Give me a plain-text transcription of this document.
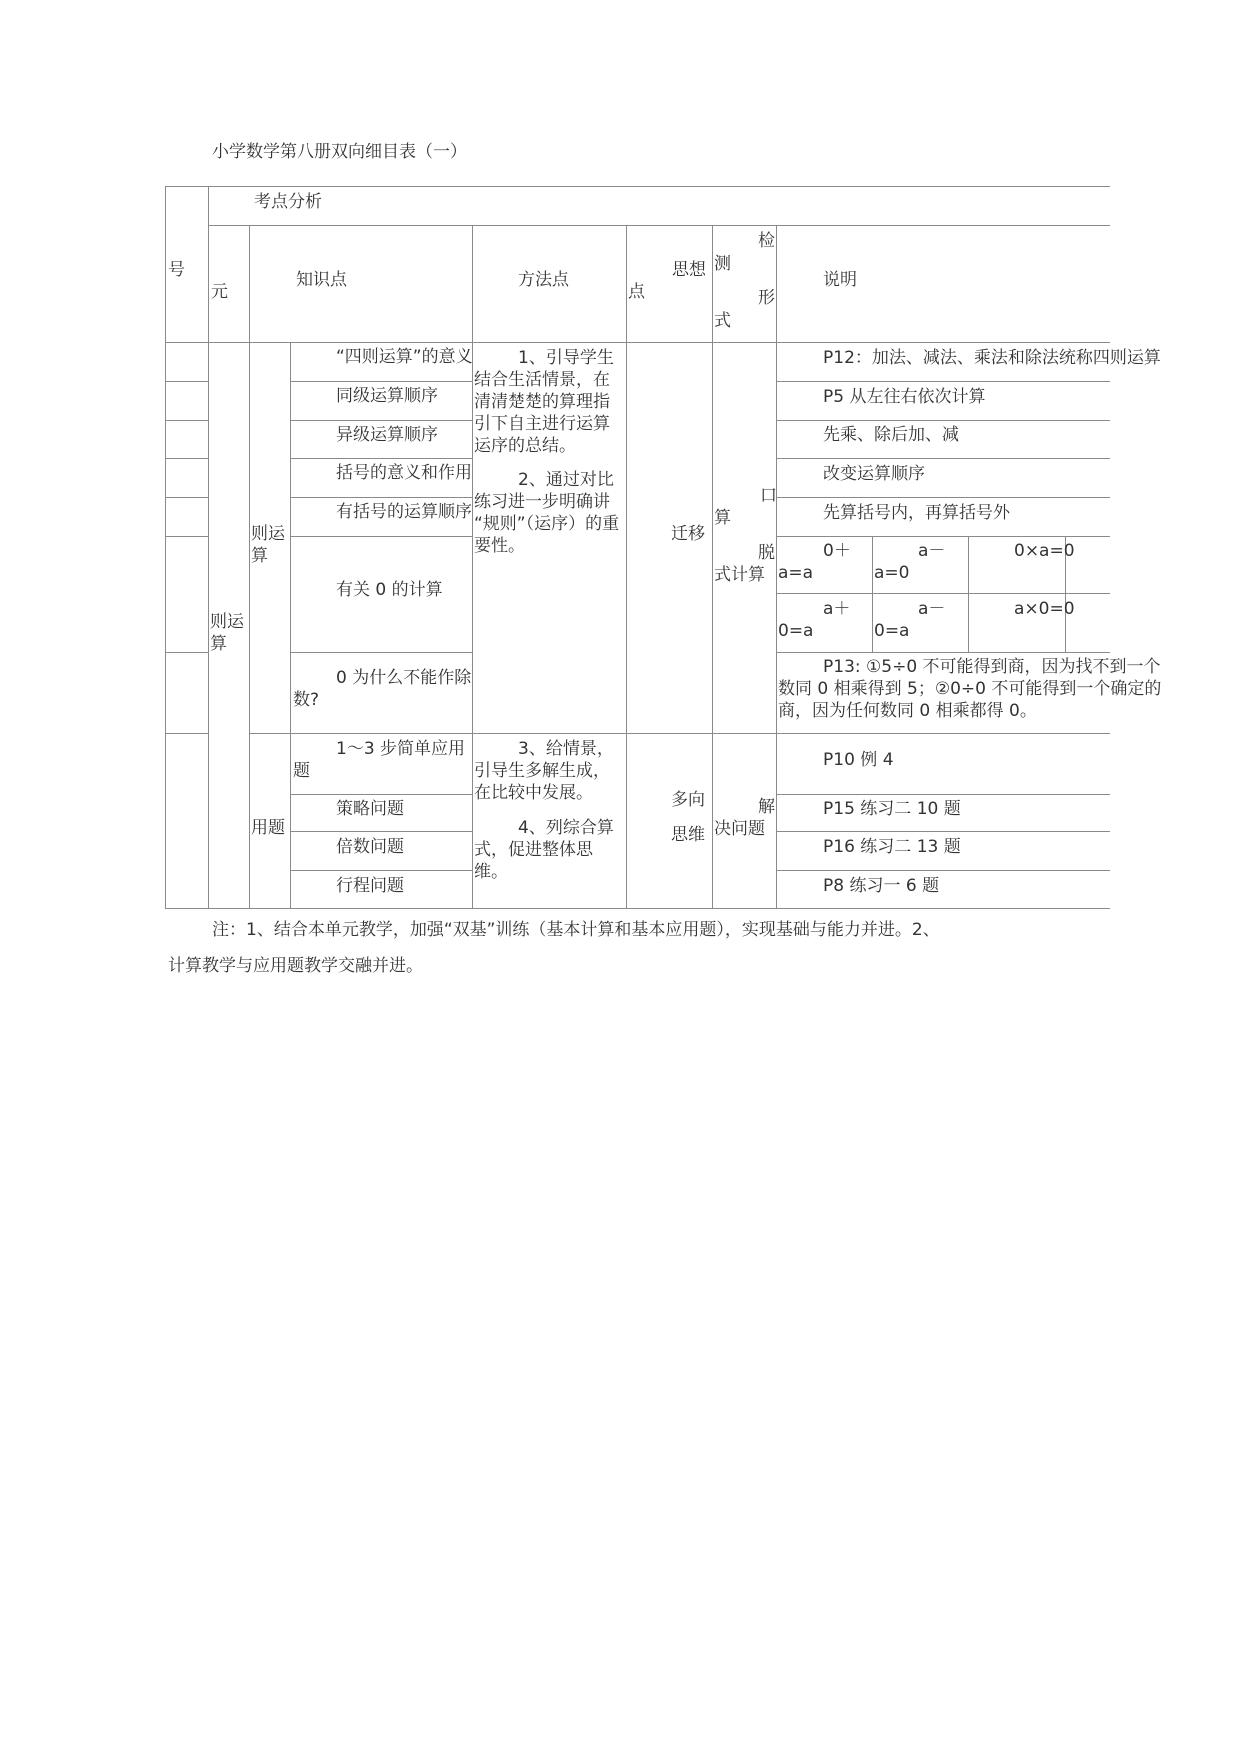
小学数学第八册双向细目表（一）
号
考点分析
元
知识点	方法点	思想
点
检
测
形
式
说明
则运
算
则运
算
“四则运算”的意义
同级运算顺序
异级运算顺序
括号的意义和作用
有括号的运算顺序
有关 0 的计算
0 为什么不能作除
数?
1、引导学生
结合生活情景，在
清清楚楚的算理指
引下自主进行运算
运序的总结。
2、通过对比
练习进一步明确讲
“规则”（运序）的重
要性。
迁移
口
算
脱
式计算
P12：加法、减法、乘法和除法统称四则运算
P5 从左往右依次计算
先乘、除后加、减
改变运算顺序
先算括号内，再算括号外
0＋
a=a
a－
a=0
0×a=0
a＋
0=a
a－
0=a
a×0=0
P13: ①5÷0 不可能得到商，因为找不到一个
数同 0 相乘得到 5；②0÷0 不可能得到一个确定的
商，因为任何数同 0 相乘都得 0。
用题
1～3 步简单应用
题
策略问题
倍数问题
行程问题
3、给情景，
引导生多解生成，
在比较中发展。
4、列综合算
式，促进整体思
维。
多向
思维
解
决问题
P10 例 4
P15 练习二 10 题
P16 练习二 13 题
P8 练习一 6 题
注：1、结合本单元教学，加强“双基”训练（基本计算和基本应用题），实现基础与能力并进。2、
计算教学与应用题教学交融并进。
